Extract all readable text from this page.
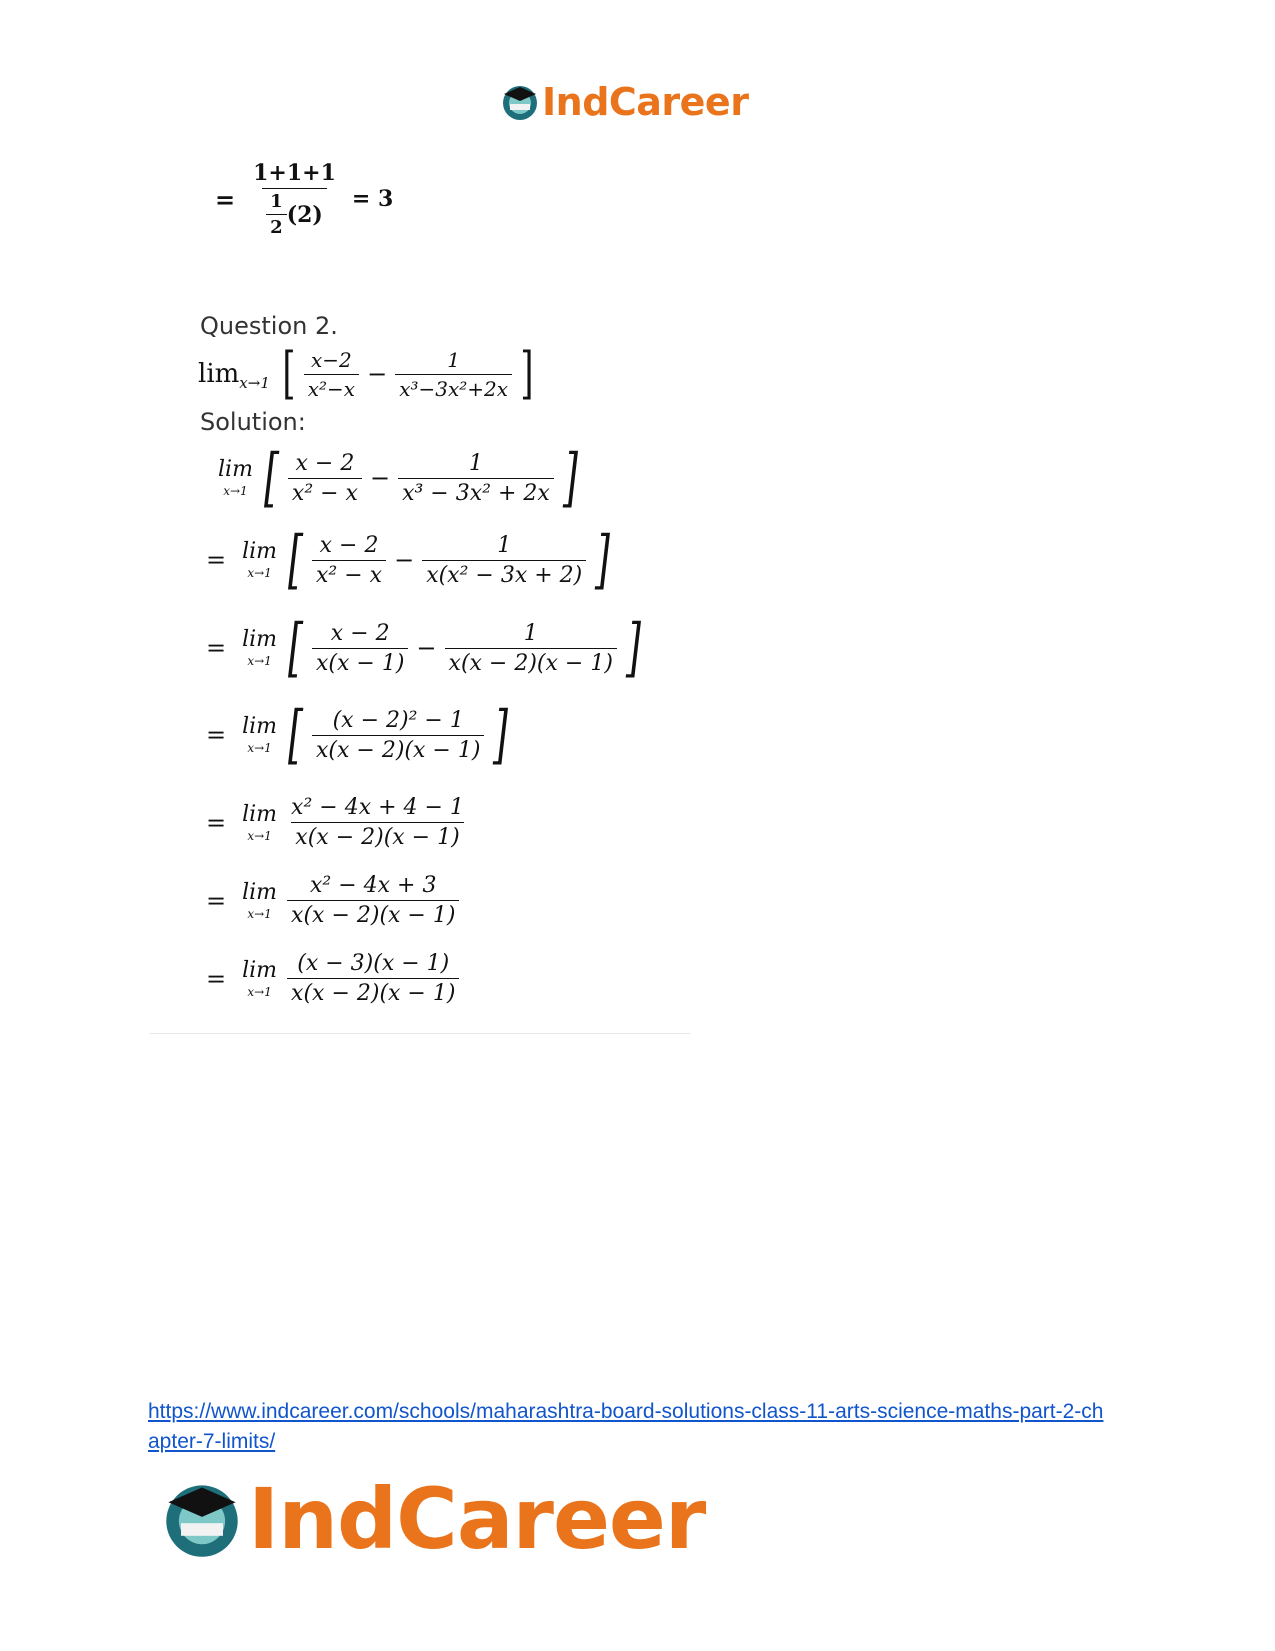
IndCareer
= $\frac{1+1+1}{\frac{1}{2} (2)} = 3$
Question 2.
lim x→1 [ $\frac{x-2}{\text{x²−x}} - \frac{1}{\text{x³−3x²+2x}}$ ]
Solution:
lim
x→1 [ $\frac{x - 2}{\text{x² − x}} - \frac{1}{\text{x³ − 3x² + 2x}}$ ]
= lim
x→1 [ $\frac{x - 2}{\text{x² − x}} - \frac{1}{\text{x(x² − 3x + 2)}}$ ]
= lim
x→1 [ $\frac{x - 2}{x(x - 1)} - \frac{1}{x(x - 2)(x - 1)}$ ]
= lim
x→1 [ $\frac{\text{(x − 2)² − 1}}{x(x - 2)(x - 1)}$ ]
= lim
$x\to 1 \frac{\text{x² − 4x + 4 − 1}}{x(x - 2)(x - 1)}$
= lim
$x\to 1 \frac{\text{x² − 4x + 3}}{x(x - 2)(x - 1)}$
= lim
$x\to 1 \frac{(x - 3)(x - 1)}{x(x - 2)(x - 1)}$
https://www.indcareer.com/schools/maharashtra-board-solutions-class-11-arts-science-maths-part-2-chapter-7-limits/
IndCareer
